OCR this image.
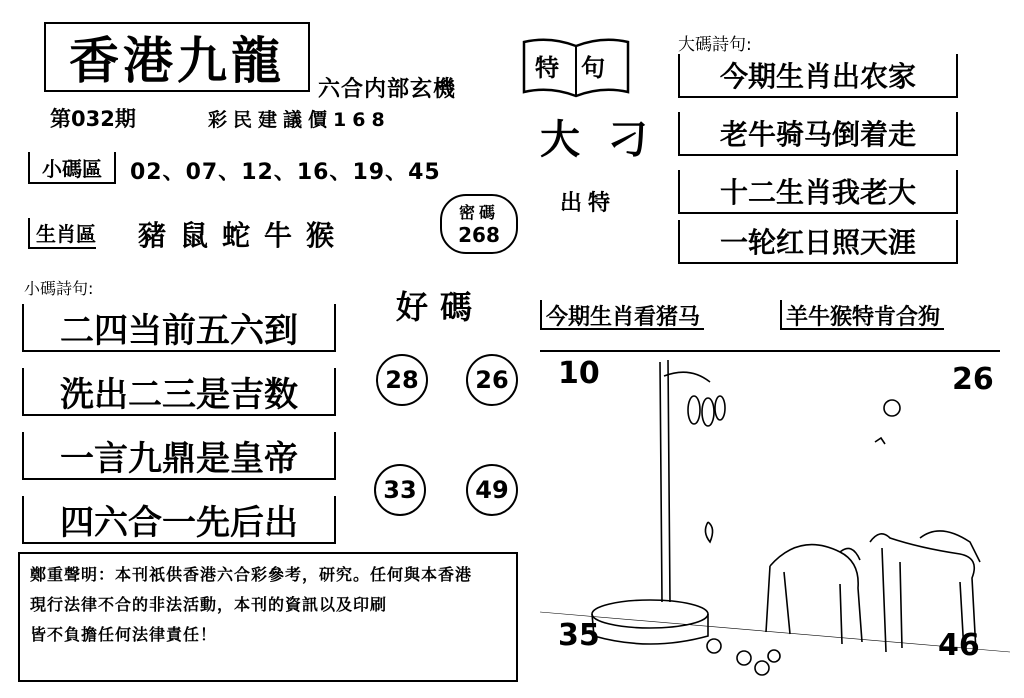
香港九龍	六合内部玄機
第032期	彩民建議價168
小碼區	02、07、12、16、19、45
生肖區 豬鼠蛇牛猴
密碼
268
小碼詩句:
二四当前五六到
洗出二三是吉数
一言九鼎是皇帝
四六合一先后出
好碼
28	26
33	49
特句
大刁
出特
大碼詩句:
今期生肖出农家
老牛骑马倒着走
十二生肖我老大
一轮红日照天涯
今期生肖看猪马	羊牛猴特肯合狗
10	26
35	46
鄭重聲明：本刊祇供香港六合彩參考，研究。任何與本香港
現行法律不合的非法活動，本刊的資訊以及印刷
皆不負擔任何法律責任！
